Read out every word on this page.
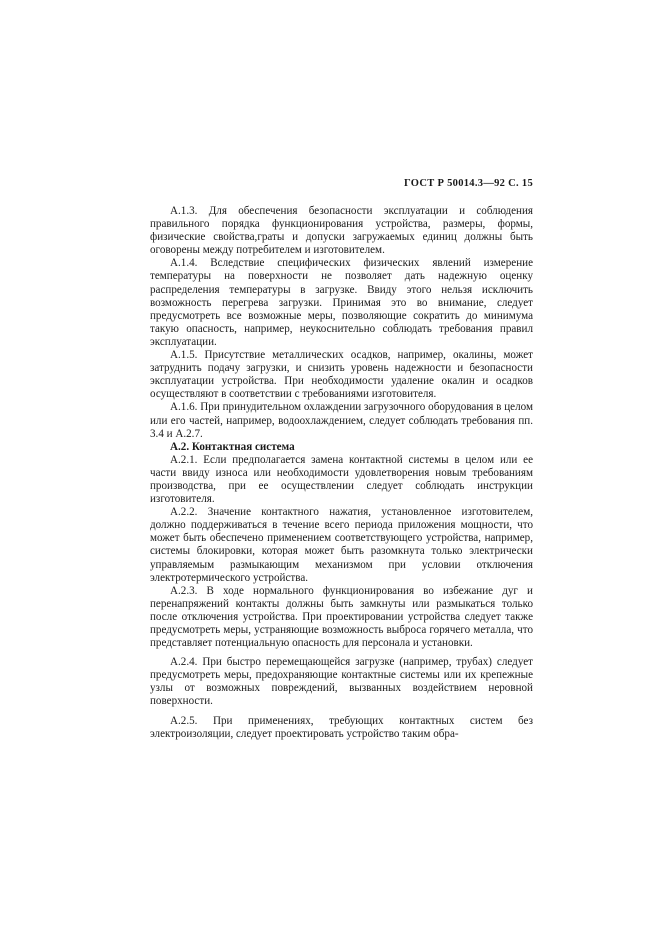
ГОСТ Р 50014.3—92 С. 15

А.1.3. Для обеспечения безопасности эксплуатации и соблюдения правильного порядка функционирования устройства, размеры, формы, физические свойства,граты и допуски загружаемых единиц должны быть оговорены между потребителем и изготовителем.

А.1.4. Вследствие специфических физических явлений измерение температуры на поверхности не позволяет дать надежную оценку распределения температуры в загрузке. Ввиду этого нельзя исключить возможность перегрева загрузки. Принимая это во внимание, следует предусмотреть все возможные меры, позволяющие сократить до минимума такую опасность, например, неукоснительно соблюдать требования правил эксплуатации.

А.1.5. Присутствие металлических осадков, например, окалины, может затруднить подачу загрузки, и снизить уровень надежности и безопасности эксплуатации устройства. При необходимости удаление окалин и осадков осуществляют в соответствии с требованиями изготовителя.

А.1.6. При принудительном охлаждении загрузочного оборудования в целом или его частей, например, водоохлаждением, следует соблюдать требования пп. 3.4 и А.2.7.

А.2. Контактная система

А.2.1. Если предполагается замена контактной системы в целом или ее части ввиду износа или необходимости удовлетворения новым требованиям производства, при ее осуществлении следует соблюдать инструкции изготовителя.

А.2.2. Значение контактного нажатия, установленное изготовителем, должно поддерживаться в течение всего периода приложения мощности, что может быть обеспечено применением соответствующего устройства, например, системы блокировки, которая может быть разомкнута только электрически управляемым размыкающим механизмом при условии отключения электротермического устройства.

А.2.3. В ходе нормального функционирования во избежание дуг и перенапряжений контакты должны быть замкнуты или размыкаться только после отключения устройства. При проектировании устройства следует также предусмотреть меры, устраняющие возможность выброса горячего металла, что представляет потенциальную опасность для персонала и установки.

А.2.4. При быстро перемещающейся загрузке (например, трубах) следует предусмотреть меры, предохраняющие контактные системы или их крепежные узлы от возможных повреждений, вызванных воздействием неровной поверхности.

А.2.5. При применениях, требующих контактных систем без электроизоляции, следует проектировать устройство таким обра-
